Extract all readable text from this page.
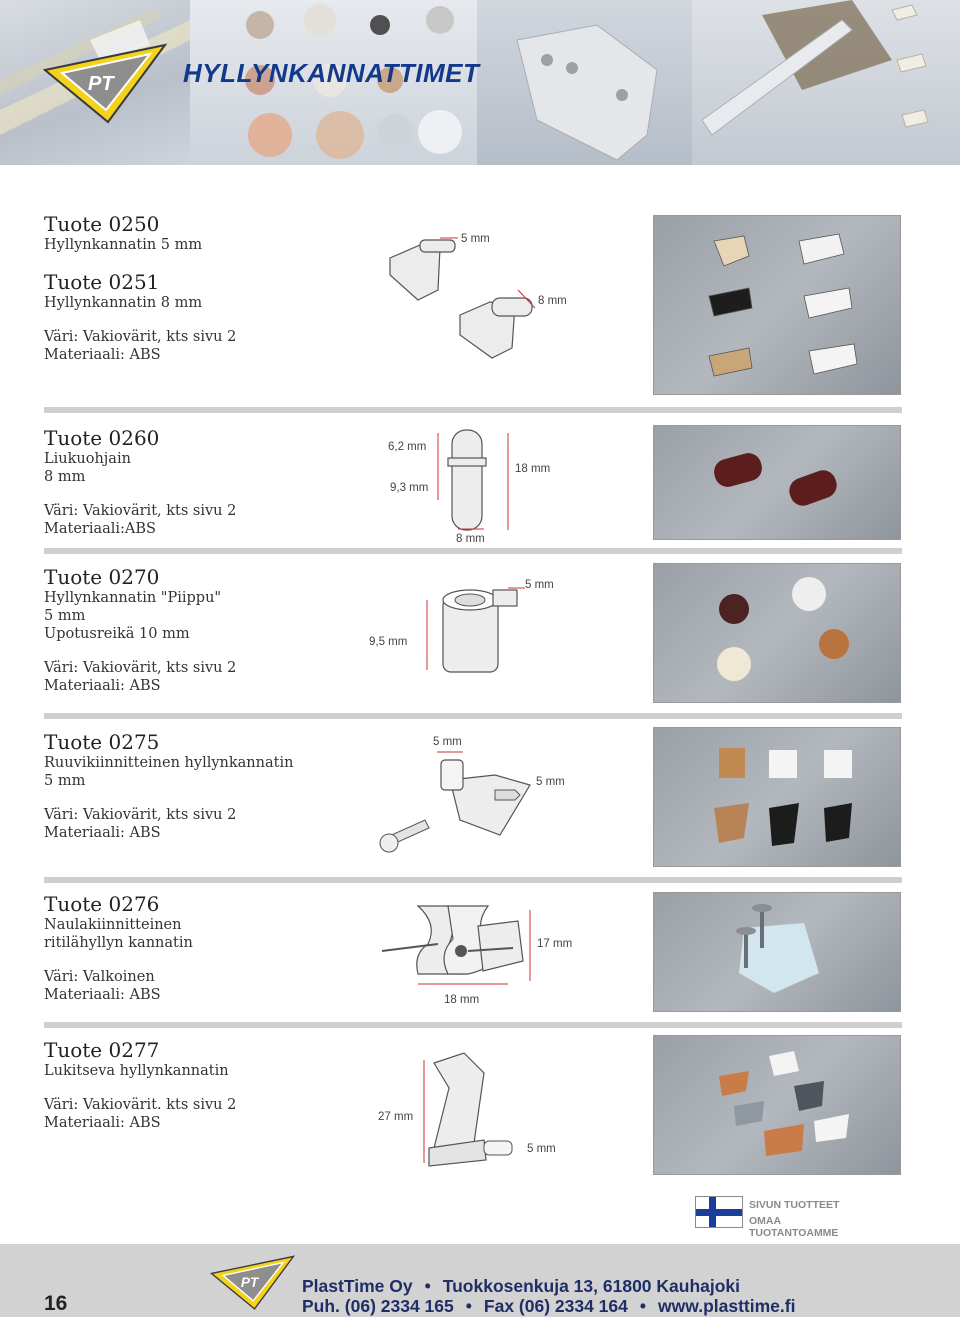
PT	HYLLYNKANNATTIMET
Tuote 0250
Hyllynkannatin 5 mm
Tuote 0251
Hyllynkannatin 8 mm
Väri: Vakiovärit, kts sivu 2
Materiaali: ABS
5 mm
8 mm
Tuote 0260
Liukuohjain
8 mm
Väri: Vakiovärit, kts sivu 2
Materiaali:ABS
6,2 mm
9,3 mm
18 mm
8 mm
Tuote 0270
Hyllynkannatin "Piippu"
5 mm
Upotusreikä 10 mm
Väri: Vakiovärit, kts sivu 2
Materiaali: ABS
5 mm
9,5 mm
Tuote 0275
Ruuvikiinnitteinen hyllynkannatin
5 mm
Väri: Vakiovärit, kts sivu 2
Materiaali: ABS
5 mm
5 mm
Tuote 0276
Naulakiinnitteinen
ritilähyllyn kannatin
Väri: Valkoinen
Materiaali: ABS
17 mm
18 mm
Tuote 0277
Lukitseva hyllynkannatin
Väri: Vakiovärit. kts sivu 2
Materiaali: ABS	27 mm
5 mm
SIVUN TUOTTEET
OMAA TUOTANTOAMME
16
PT PlastTime Oy • Tuokkosenkuja 13, 61800 Kauhajoki
Puh. (06) 2334 165 • Fax (06) 2334 164 • www.plasttime.fi
